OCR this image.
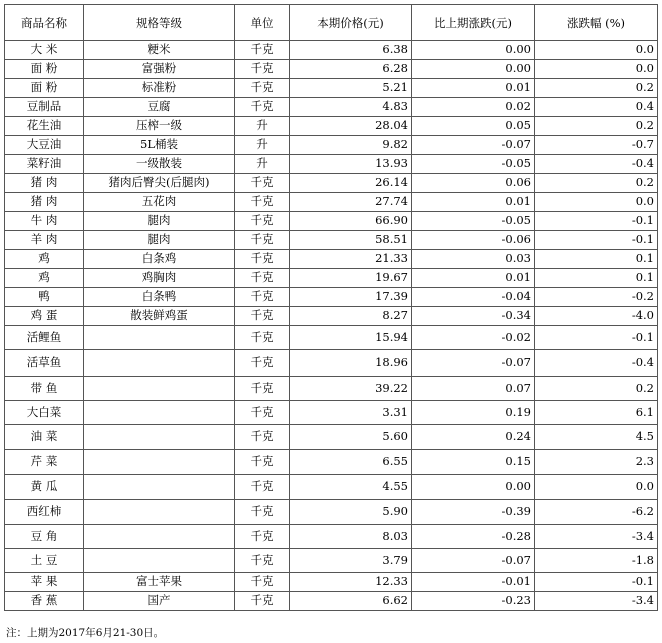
商品名称	规格等级	单位	本期价格(元)	比上期涨跌(元)	涨跌幅 (%)
大 米	粳米	千克	6.38	0.00	0.0
面 粉	富强粉	千克	6.28	0.00	0.0
面 粉	标准粉	千克	5.21	0.01	0.2
豆制品	豆腐	千克	4.83	0.02	0.4
花生油	压榨一级	升	28.04	0.05	0.2
大豆油	5L桶装	升	9.82	-0.07	-0.7
菜籽油	一级散装	升	13.93	-0.05	-0.4
猪 肉	猪肉后臀尖(后腿肉)	千克	26.14	0.06	0.2
猪 肉	五花肉	千克	27.74	0.01	0.0
牛 肉	腿肉	千克	66.90	-0.05	-0.1
羊 肉	腿肉	千克	58.51	-0.06	-0.1
鸡	白条鸡	千克	21.33	0.03	0.1
鸡	鸡胸肉	千克	19.67	0.01	0.1
鸭	白条鸭	千克	17.39	-0.04	-0.2
鸡 蛋	散装鲜鸡蛋	千克	8.27	-0.34	-4.0
活鲤鱼		千克	15.94	-0.02	-0.1
活草鱼		千克	18.96	-0.07	-0.4
带 鱼		千克	39.22	0.07	0.2
大白菜		千克	3.31	0.19	6.1
油 菜		千克	5.60	0.24	4.5
芹 菜		千克	6.55	0.15	2.3
黄 瓜		千克	4.55	0.00	0.0
西红柿		千克	5.90	-0.39	-6.2
豆 角		千克	8.03	-0.28	-3.4
土 豆		千克	3.79	-0.07	-1.8
苹 果	富士苹果	千克	12.33	-0.01	-0.1
香 蕉	国产	千克	6.62	-0.23	-3.4
注：上期为2017年6月21-30日。
